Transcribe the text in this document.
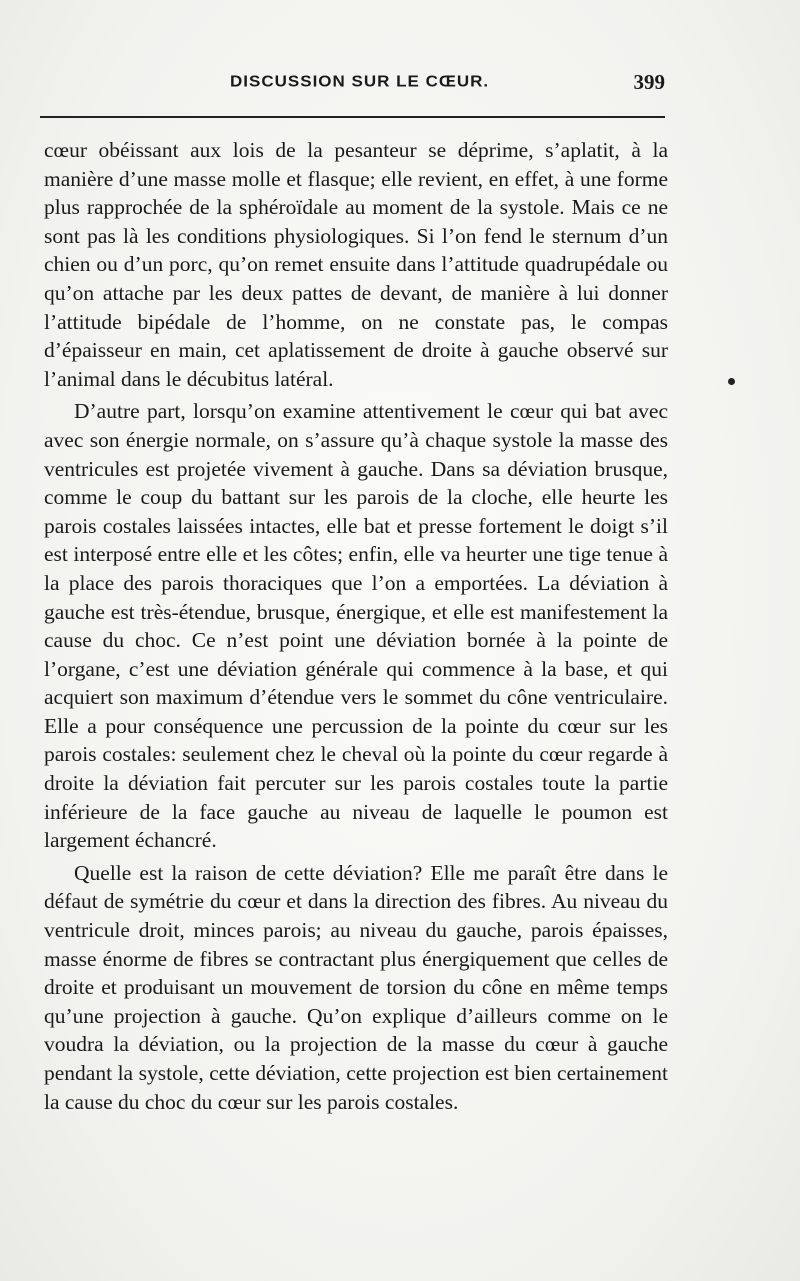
DISCUSSION SUR LE CŒUR.	399

cœur obéissant aux lois de la pesanteur se déprime, s’aplatit, à la manière d’une masse molle et flasque; elle revient, en effet, à une forme plus rapprochée de la sphéroïdale au moment de la systole. Mais ce ne sont pas là les conditions physiologiques. Si l’on fend le sternum d’un chien ou d’un porc, qu’on remet ensuite dans l’attitude quadrupédale ou qu’on attache par les deux pattes de devant, de manière à lui donner l’attitude bipédale de l’homme, on ne constate pas, le compas d’épaisseur en main, cet aplatissement de droite à gauche observé sur l’animal dans le décubitus latéral.

D’autre part, lorsqu’on examine attentivement le cœur qui bat avec avec son énergie normale, on s’assure qu’à chaque systole la masse des ventricules est projetée vivement à gauche. Dans sa déviation brusque, comme le coup du battant sur les parois de la cloche, elle heurte les parois costales laissées intactes, elle bat et presse fortement le doigt s’il est interposé entre elle et les côtes; enfin, elle va heurter une tige tenue à la place des parois thoraciques que l’on a emportées. La déviation à gauche est très-étendue, brusque, énergique, et elle est manifestement la cause du choc. Ce n’est point une déviation bornée à la pointe de l’organe, c’est une déviation générale qui commence à la base, et qui acquiert son maximum d’étendue vers le sommet du cône ventriculaire. Elle a pour conséquence une percussion de la pointe du cœur sur les parois costales: seulement chez le cheval où la pointe du cœur regarde à droite la déviation fait percuter sur les parois costales toute la partie inférieure de la face gauche au niveau de laquelle le poumon est largement échancré.

Quelle est la raison de cette déviation? Elle me paraît être dans le défaut de symétrie du cœur et dans la direction des fibres. Au niveau du ventricule droit, minces parois; au niveau du gauche, parois épaisses, masse énorme de fibres se contractant plus énergiquement que celles de droite et produisant un mouvement de torsion du cône en même temps qu’une projection à gauche. Qu’on explique d’ailleurs comme on le voudra la déviation, ou la projection de la masse du cœur à gauche pendant la systole, cette déviation, cette projection est bien certainement la cause du choc du cœur sur les parois costales.
